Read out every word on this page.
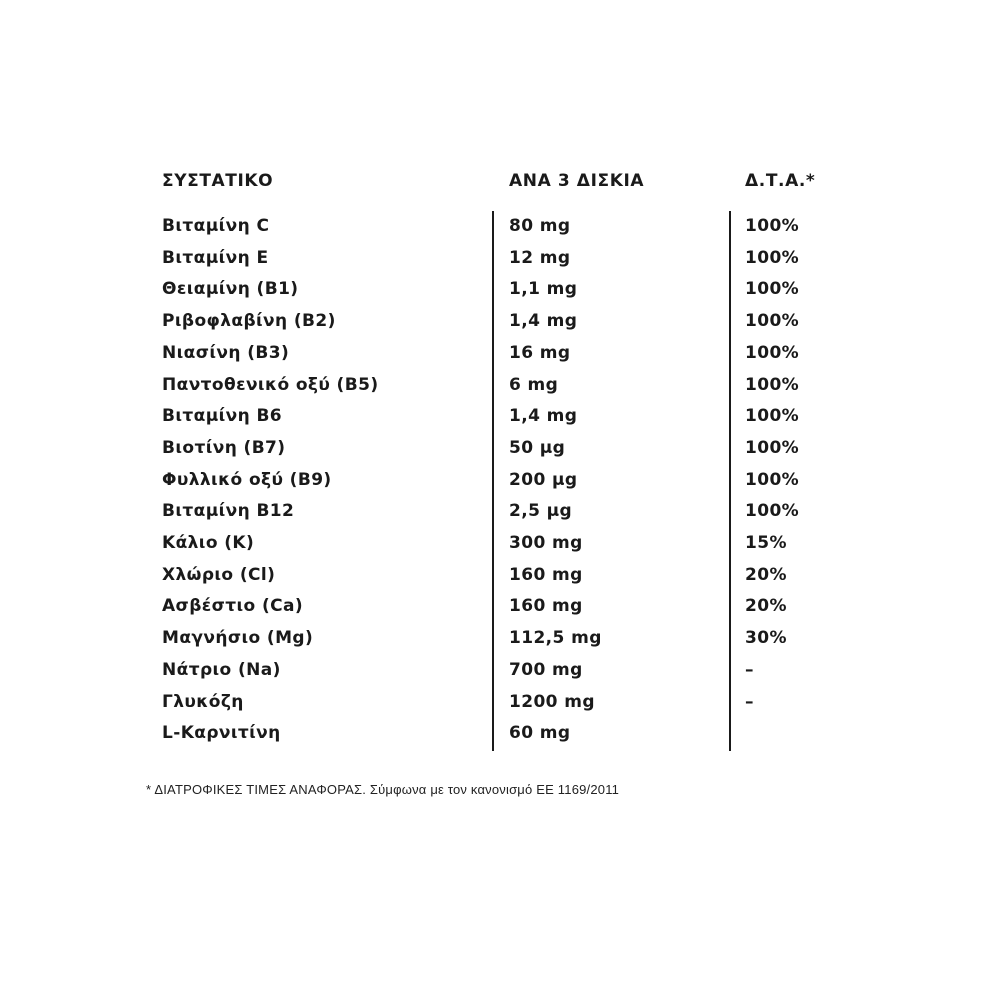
ΣΥΣΤΑΤΙΚΟ	ΑΝΑ 3 ΔΙΣΚΙΑ	Δ.Τ.Α.*
Βιταμίνη C	80 mg	100%
Βιταμίνη E	12 mg	100%
Θειαμίνη (B1)	1,1 mg	100%
Ριβοφλαβίνη (B2)	1,4 mg	100%
Νιασίνη (B3)	16 mg	100%
Παντοθενικό οξύ (B5)	6 mg	100%
Βιταμίνη B6	1,4 mg	100%
Βιοτίνη (B7)	50 μg	100%
Φυλλικό οξύ (B9)	200 μg	100%
Βιταμίνη B12	2,5 μg	100%
Κάλιο (K)	300 mg	15%
Χλώριο (Cl)	160 mg	20%
Ασβέστιο (Ca)	160 mg	20%
Μαγνήσιο (Mg)	112,5 mg	30%
Νάτριο (Na)	700 mg	–
Γλυκόζη	1200 mg	–
L-Καρνιτίνη	60 mg
* ΔΙΑΤΡΟΦΙΚΕΣ ΤΙΜΕΣ ΑΝΑΦΟΡΑΣ. Σύμφωνα με τον κανονισμό ΕΕ 1169/2011
